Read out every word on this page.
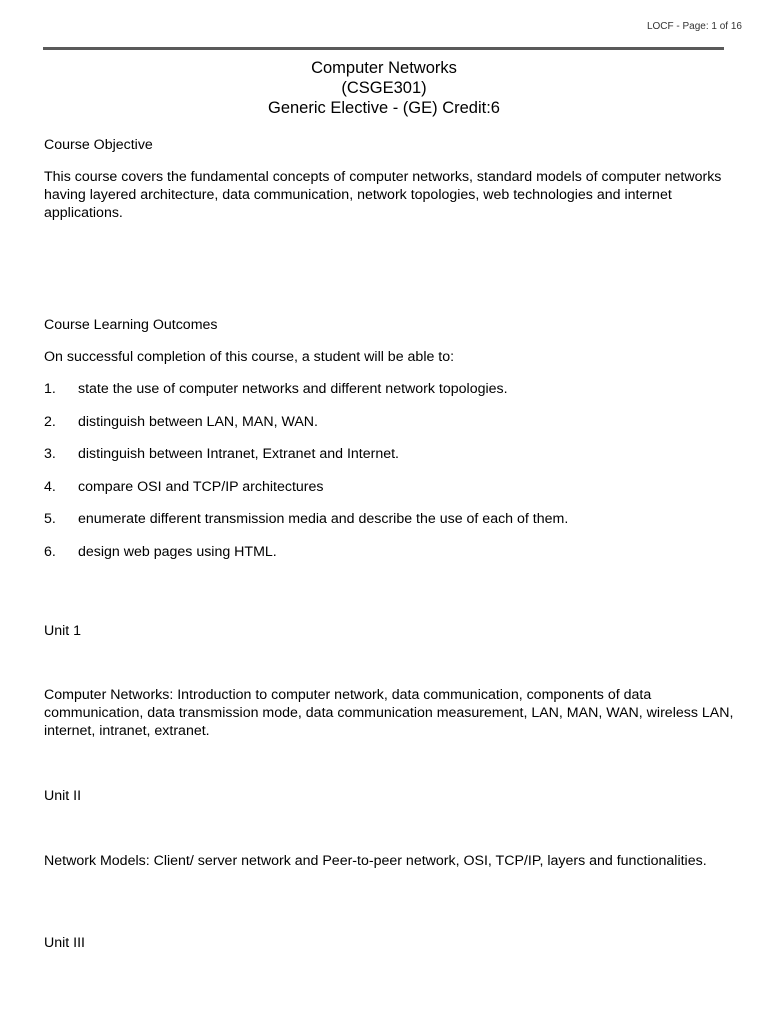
LOCF - Page: 1 of 16
Computer Networks
(CSGE301)
Generic Elective - (GE) Credit:6

Course Objective

This course covers the fundamental concepts of computer networks, standard models of computer networks having layered architecture, data communication, network topologies, web technologies and internet applications.

Course Learning Outcomes

On successful completion of this course, a student will be able to:

1.	state the use of computer networks and different network topologies.
2.	distinguish between LAN, MAN, WAN.
3.	distinguish between Intranet, Extranet and Internet.
4.	compare OSI and TCP/IP architectures
5.	enumerate different transmission media and describe the use of each of them.
6.	design web pages using HTML.

Unit 1

Computer Networks: Introduction to computer network, data communication, components of data communication, data transmission mode, data communication measurement, LAN, MAN, WAN, wireless LAN, internet, intranet, extranet.

Unit II

Network Models: Client/ server network and Peer-to-peer network, OSI, TCP/IP, layers and functionalities.

Unit III
